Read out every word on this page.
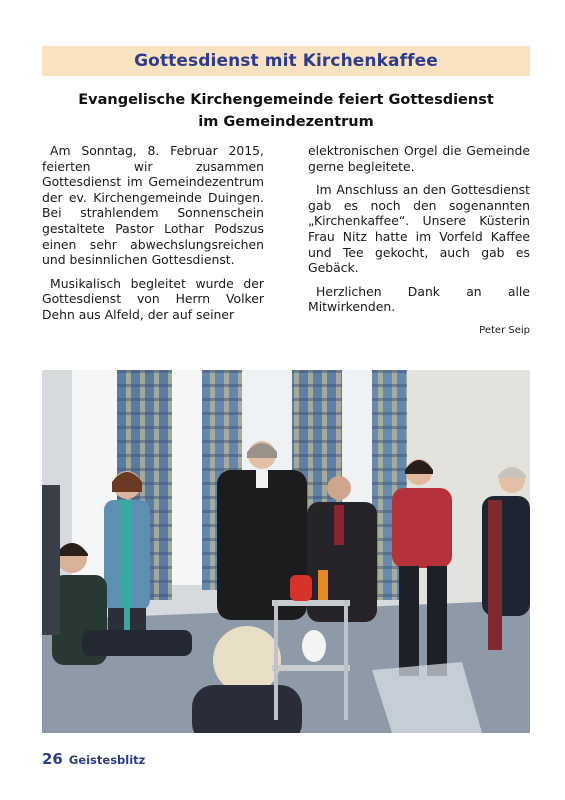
Gottesdienst mit Kirchenkaffee
Evangelische Kirchengemeinde feiert Gottesdienst
im Gemeindezentrum

Am Sonntag, 8. Februar 2015, feierten wir zusammen Gottesdienst im Gemeindezentrum der ev. Kirchengemeinde Duingen. Bei strahlendem Sonnenschein gestaltete Pastor Lothar Podszus einen sehr abwechslungsreichen und besinnlichen Gottesdienst.

Musikalisch begleitet wurde der Gottesdienst von Herrn Volker Dehn aus Alfeld, der auf seiner

elektronischen Orgel die Gemeinde gerne begleitete.

Im Anschluss an den Gottesdienst gab es noch den sogenannten „Kirchenkaffee“. Unsere Küsterin Frau Nitz hatte im Vorfeld Kaffee und Tee gekocht, auch gab es Gebäck.

Herzlichen Dank an alle Mitwirkenden.

Peter Seip
26 Geistesblitz
